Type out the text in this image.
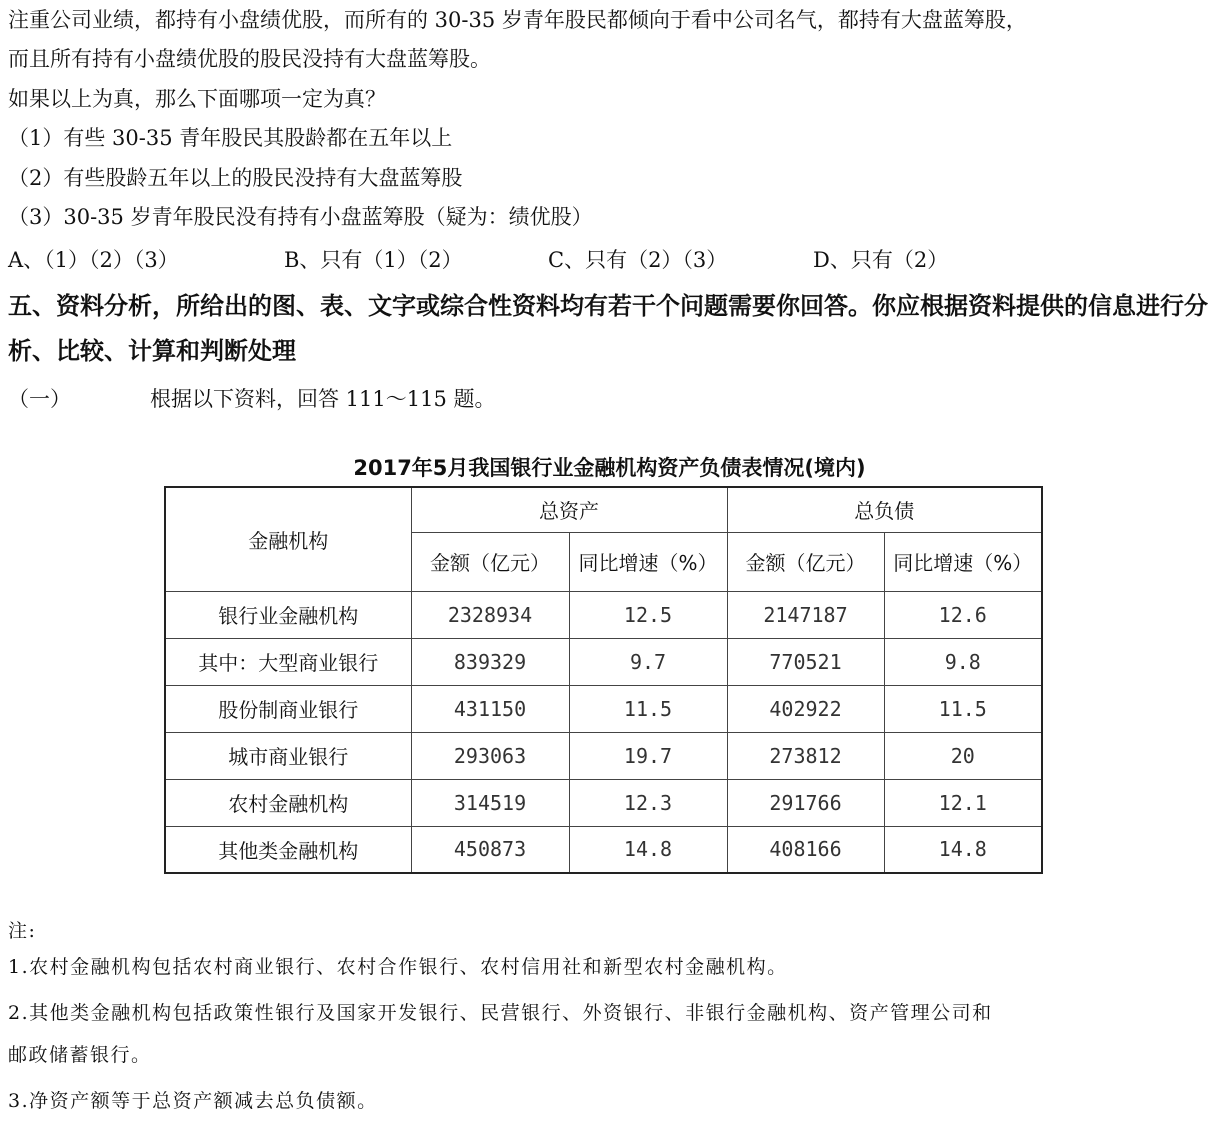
注重公司业绩，都持有小盘绩优股，而所有的 30-35 岁青年股民都倾向于看中公司名气，都持有大盘蓝筹股，
而且所有持有小盘绩优股的股民没持有大盘蓝筹股。
如果以上为真，那么下面哪项一定为真？
（1）有些 30-35 青年股民其股龄都在五年以上
（2）有些股龄五年以上的股民没持有大盘蓝筹股
（3）30-35 岁青年股民没有持有小盘蓝筹股（疑为：绩优股）
A、（1）（2）（3）	B、只有（1）（2）	C、只有（2）（3）	D、只有（2）
五、资料分析，所给出的图、表、文字或综合性资料均有若干个问题需要你回答。你应根据资料提供的信息进行分析、比较、计算和判断处理
（一）	根据以下资料，回答 111～115 题。
2017年5月我国银行业金融机构资产负债表情况(境内)
金融机构	总资产		总负债	
	金额（亿元）	同比增速（%）	金额（亿元）	同比增速（%）
银行业金融机构	2328934	12.5	2147187	12.6
其中：大型商业银行	839329	9.7	770521	9.8
股份制商业银行	431150	11.5	402922	11.5
城市商业银行	293063	19.7	273812	20
农村金融机构	314519	12.3	291766	12.1
其他类金融机构	450873	14.8	408166	14.8
注:
1.农村金融机构包括农村商业银行、农村合作银行、农村信用社和新型农村金融机构。
2.其他类金融机构包括政策性银行及国家开发银行、民营银行、外资银行、非银行金融机构、资产管理公司和
邮政储蓄银行。
3.净资产额等于总资产额减去总负债额。
